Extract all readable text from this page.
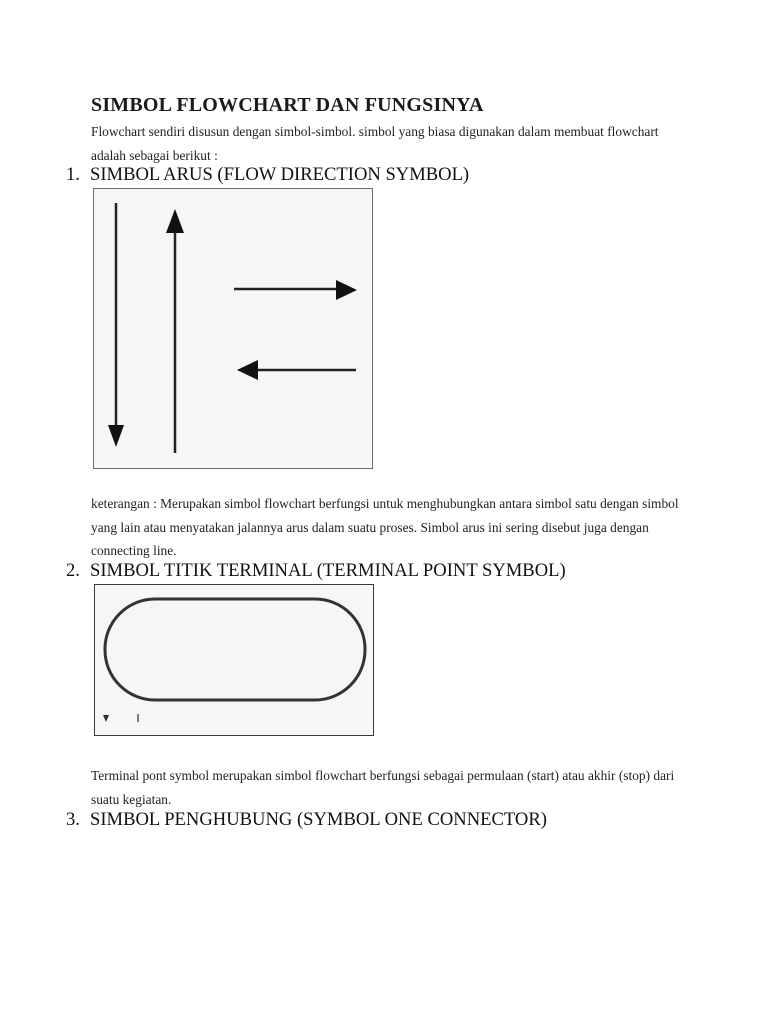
SIMBOL FLOWCHART DAN FUNGSINYA
Flowchart sendiri disusun dengan simbol-simbol. simbol yang biasa digunakan dalam membuat flowchart adalah sebagai berikut :
1. SIMBOL ARUS (FLOW DIRECTION SYMBOL)
keterangan : Merupakan simbol flowchart berfungsi untuk menghubungkan antara simbol satu dengan simbol yang lain atau menyatakan jalannya arus dalam suatu proses. Simbol arus ini sering disebut juga dengan connecting line.
2. SIMBOL TITIK TERMINAL (TERMINAL POINT SYMBOL)
Terminal pont symbol merupakan simbol flowchart berfungsi sebagai permulaan (start) atau akhir (stop) dari suatu kegiatan.
3. SIMBOL PENGHUBUNG (SYMBOL ONE CONNECTOR)
